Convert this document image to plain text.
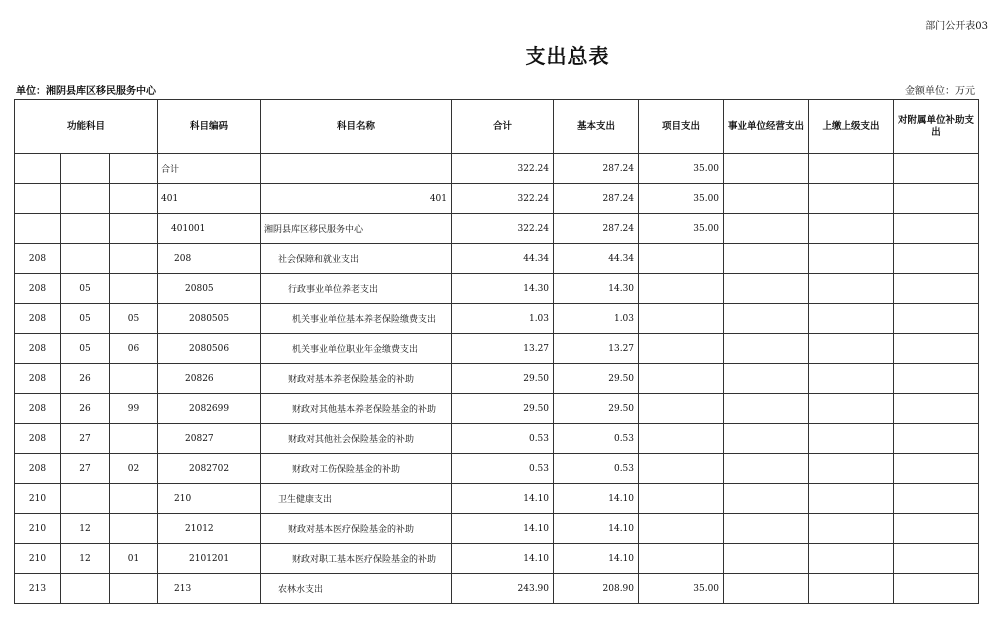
部门公开表03
支出总表
单位：湘阴县库区移民服务中心	金额单位：万元
功能科目			科目编码	科目名称	合计	基本支出	项目支出	事业单位经营支出	上缴上级支出	对附属单位补助支出
			合计		322.24	287.24	35.00			
			401	401	322.24	287.24	35.00			
			401001	湘阴县库区移民服务中心	322.24	287.24	35.00			
208			208	社会保障和就业支出	44.34	44.34				
208	05		20805	行政事业单位养老支出	14.30	14.30				
208	05	05	2080505	机关事业单位基本养老保险缴费支出	1.03	1.03				
208	05	06	2080506	机关事业单位职业年金缴费支出	13.27	13.27				
208	26		20826	财政对基本养老保险基金的补助	29.50	29.50				
208	26	99	2082699	财政对其他基本养老保险基金的补助	29.50	29.50				
208	27		20827	财政对其他社会保险基金的补助	0.53	0.53				
208	27	02	2082702	财政对工伤保险基金的补助	0.53	0.53				
210			210	卫生健康支出	14.10	14.10				
210	12		21012	财政对基本医疗保险基金的补助	14.10	14.10				
210	12	01	2101201	财政对职工基本医疗保险基金的补助	14.10	14.10				
213			213	农林水支出	243.90	208.90	35.00			
